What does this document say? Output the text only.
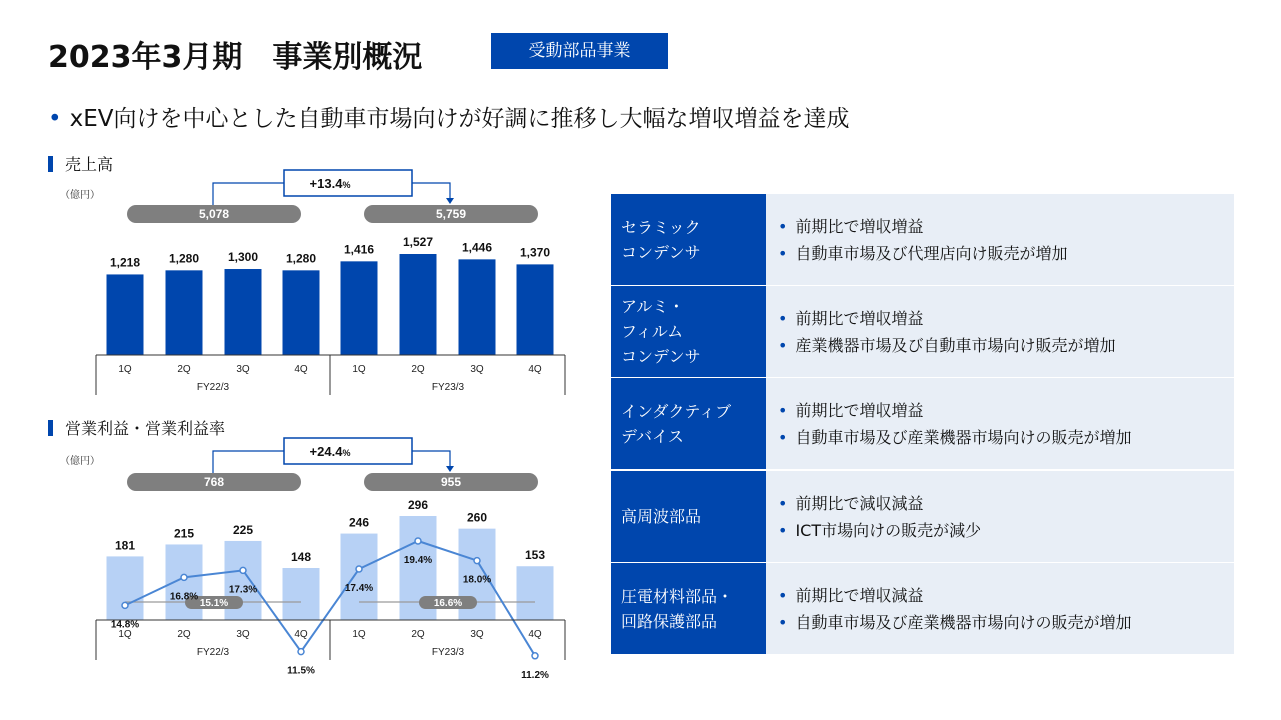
2023年3月期　事業別概況	受動部品事業
• xEV向けを中心とした自動車市場向けが好調に推移し大幅な増収増益を達成
売上高
（億円）
営業利益・営業利益率
（億円）
+13.4%
5,078	5,759
1,218 1,280 1,300 1,280
1,416
1,527 1,446 1,370
1Q	2Q	3Q	4Q	1Q	2Q	3Q	4Q
FY22/3	FY23/3
+24.4%
768	955
181
215	225
148
246
296
260
153
15.1%	16.6%
14.8%
16.8%
17.3%
11.5%
17.4%
19.4%
18.0%
11.2%
1Q	2Q	3Q	4Q	1Q	2Q	3Q	4Q
FY22/3	FY23/3
セラミック
コンデンサ
• 前期比で増収増益
• 自動車市場及び代理店向け販売が増加
アルミ・
フィルム
コンデンサ
• 前期比で増収増益
• 産業機器市場及び自動車市場向け販売が増加
インダクティブ
デバイス
• 前期比で増収増益
• 自動車市場及び産業機器市場向けの販売が増加
高周波部品
• 前期比で減収減益
• ICT市場向けの販売が減少
圧電材料部品・
回路保護部品
• 前期比で増収減益
• 自動車市場及び産業機器市場向けの販売が増加
